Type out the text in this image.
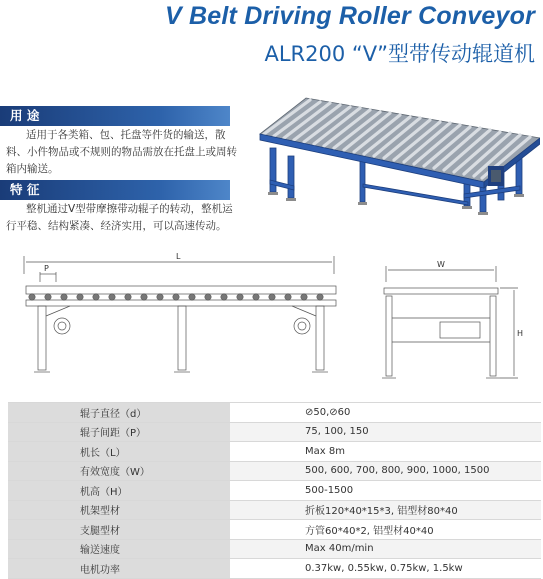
V Belt Driving Roller Conveyor
ALR200 “V”型带传动辊道机
用 途
适用于各类箱、包、托盘等件货的输送，散料、小件物品或不规则的物品需放在托盘上或周转箱内输送。
特 征
整机通过V型带摩擦带动辊子的转动，整机运行平稳、结构紧凑、经济实用，可以高速传动。
L
P	W
H
辊子直径（d）	⊘50,⊘60
辊子间距（P）	75, 100, 150
机长（L）	Max 8m
有效宽度（W）	500, 600, 700, 800, 900, 1000, 1500
机高（H）	500-1500
机架型材	折板120*40*15*3, 铝型材80*40
支腿型材	方管60*40*2, 铝型材40*40
输送速度	Max 40m/min
电机功率	0.37kw, 0.55kw, 0.75kw, 1.5kw
